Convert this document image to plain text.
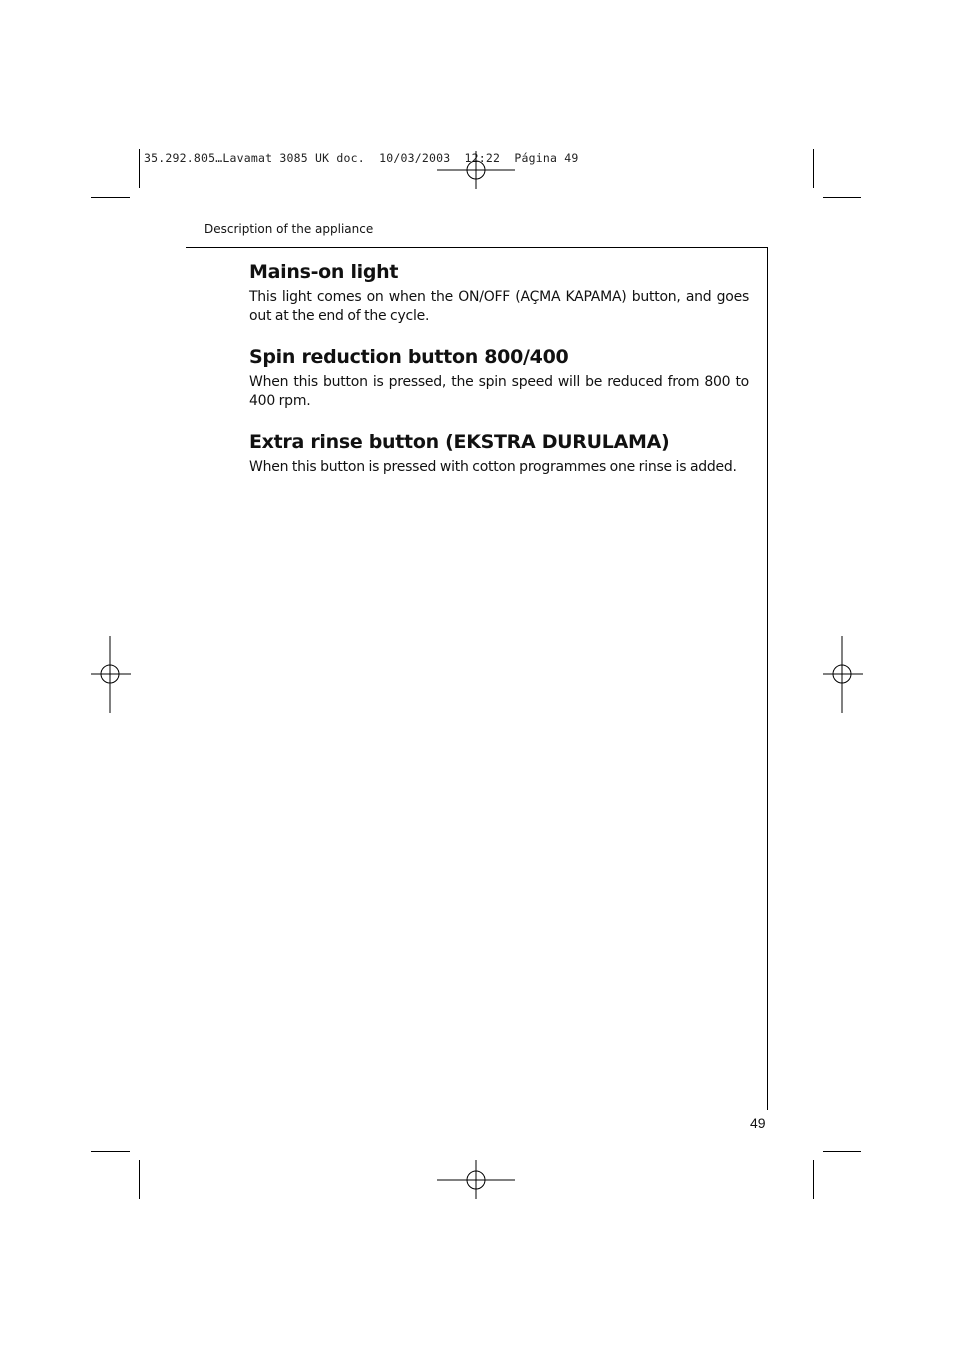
35.292.805…Lavamat 3085 UK doc.  10/03/2003  12:22  Página 49
Description of the appliance
Mains-on light

This light comes on when the ON/OFF (AÇMA KAPAMA) button, and goes out at the end of the cycle.

Spin reduction button 800/400

When this button is pressed, the spin speed will be reduced from 800 to 400 rpm.

Extra rinse button (EKSTRA DURULAMA)

When this button is pressed with cotton programmes one rinse is added.

49
